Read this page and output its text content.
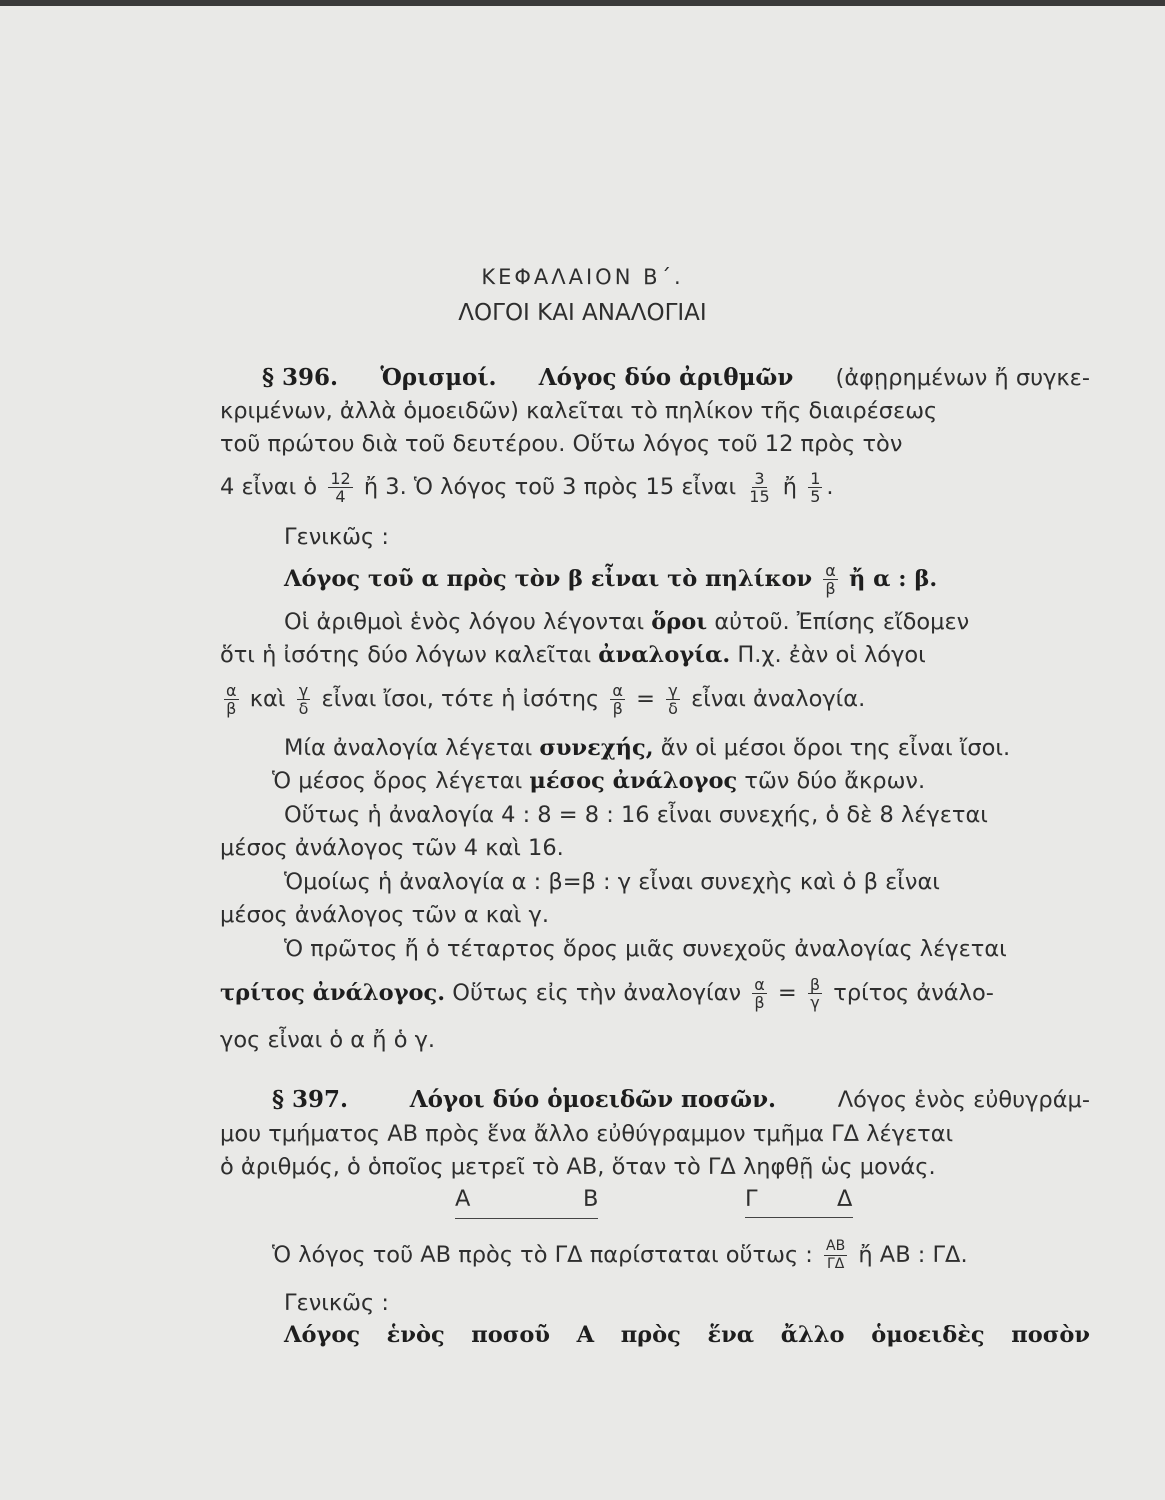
ΚΕΦΑΛΑΙΟΝ Β΄.
ΛΟΓΟΙ ΚΑΙ ΑΝΑΛΟΓΙΑΙ
§ 396. Ὁρισμοί. Λόγος δύο ἀριθμῶν (ἀφῃρημένων ἤ συγκε-
κριμένων, ἀλλὰ ὁμοειδῶν) καλεῖται τὸ πηλίκον τῆς διαιρέσεως
τοῦ πρώτου διὰ τοῦ δευτέρου. Οὕτω λόγος τοῦ 12 πρὸς τὸν
4 εἶναι ὁ $\frac{12}{4}$ ἤ 3. Ὁ λόγος τοῦ 3 πρὸς 15 εἶναι $\frac{3}{15}$ ἤ $\frac{1}{5}$ .
Γενικῶς :
Λόγος τοῦ α πρὸς τὸν β εἶναι τὸ πηλίκον $\frac{\alpha}{\beta}$ ἤ α : β.
Οἱ ἀριθμοὶ ἑνὸς λόγου λέγονται ὅροι αὐτοῦ. Ἐπίσης εἴδομεν
ὅτι ἡ ἰσότης δύο λόγων καλεῖται ἀναλογία. Π.χ. ἐὰν οἱ λόγοι
$\frac{\alpha}{\beta}$ καὶ $\frac{\gamma}{\delta}$ εἶναι ἴσοι, τότε ἡ ἰσότης $\frac{\alpha}{\beta} = \frac{\gamma}{\delta}$ εἶναι ἀναλογία.
Μία ἀναλογία λέγεται συνεχής, ἄν οἱ μέσοι ὅροι της εἶναι ἴσοι.
Ὁ μέσος ὅρος λέγεται μέσος ἀνάλογος τῶν δύο ἄκρων.
Οὕτως ἡ ἀναλογία 4 : 8 = 8 : 16 εἶναι συνεχής, ὁ δὲ 8 λέγεται
μέσος ἀνάλογος τῶν 4 καὶ 16.
Ὁμοίως ἡ ἀναλογία α : β=β : γ εἶναι συνεχὴς καὶ ὁ β εἶναι
μέσος ἀνάλογος τῶν α καὶ γ.
Ὁ πρῶτος ἤ ὁ τέταρτος ὅρος μιᾶς συνεχοῦς ἀναλογίας λέγεται
τρίτος ἀνάλογος. Οὕτως εἰς τὴν ἀναλογίαν $\frac{\alpha}{\beta} = \frac{\beta}{\gamma}$ τρίτος ἀνάλο-
γος εἶναι ὁ α ἤ ὁ γ.
§ 397.	Λόγοι δύο ὁμοειδῶν ποσῶν.	Λόγος ἑνὸς εὐθυγράμ-
μου τμήματος ΑΒ πρὸς ἕνα ἄλλο εὐθύγραμμον τμῆμα ΓΔ λέγεται
ὁ ἀριθμός, ὁ ὁποῖος μετρεῖ τὸ ΑΒ, ὅταν τὸ ΓΔ ληφθῇ ὡς μονάς.
Α	Β	Γ	Δ
Ὁ λόγος τοῦ ΑΒ πρὸς τὸ ΓΔ παρίσταται οὕτως : $\frac{AB}{\Gamma\Delta}$ ἤ ΑΒ : ΓΔ.
Γενικῶς :
Λόγος ἑνὸς ποσοῦ Α πρὸς ἕνα ἄλλο ὁμοειδὲς ποσὸν
